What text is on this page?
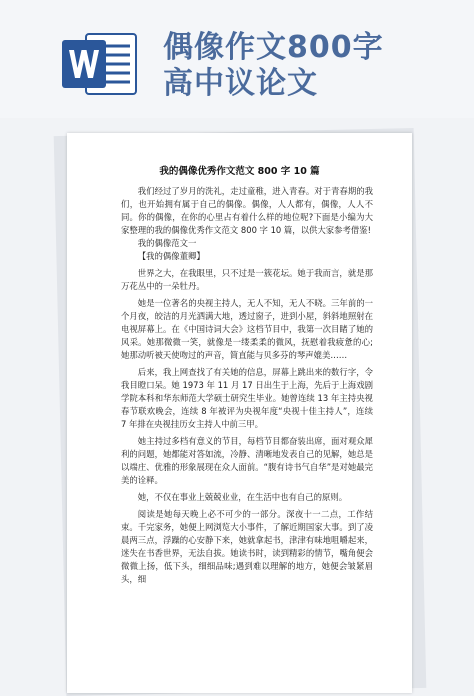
偶像作文800字
高中议论文
我的偶像优秀作文范文 800 字 10 篇

我们经过了岁月的洗礼，走过童稚，进入青春。对于青春期的我们，也开始拥有属于自己的偶像。偶像，人人都有，偶像，人人不同。你的偶像，在你的心里占有着什么样的地位呢?下面是小编为大家整理的我的偶像优秀作文范文 800 字 10 篇，以供大家参考借鉴!

我的偶像范文一
【我的偶像董卿】

世界之大，在我眼里，只不过是一簇花坛。她于我而言，就是那万花丛中的一朵牡丹。

她是一位著名的央视主持人，无人不知，无人不晓。三年前的一个月夜，皎洁的月光洒满大地，透过窗子，进到小屋，斜斜地照射在电视屏幕上。在《中国诗词大会》这档节目中，我第一次目睹了她的风采。她那微微一笑，就像是一缕柔柔的微风，抚慰着我疲惫的心;她那动听被天使吻过的声音，简直能与贝多芬的琴声媲美……

后来，我上网查找了有关她的信息，屏幕上跳出来的数行字，令我目瞪口呆。她 1973 年 11 月 17 日出生于上海，先后于上海戏剧学院本科和华东师范大学硕士研究生毕业。她曾连续 13 年主持央视春节联欢晚会，连续 8 年被评为央视年度“央视十佳主持人”，连续 7 年排在央视挂历女主持人中前三甲。

她主持过多档有意义的节目，每档节目都奋装出席，面对观众犀利的问题，她都能对答如流，冷静、清晰地发表自己的见解，她总是以端庄、优雅的形象展现在众人面前。“腹有诗书气自华”是对她最完美的诠释。

她，不仅在事业上兢兢业业，在生活中也有自己的原则。

阅读是她每天晚上必不可少的一部分。深夜十一二点，工作结束。千完家务，她便上网浏览大小事件，了解近期国家大事。到了凌晨两三点，浮躁的心安静下来，她就拿起书，津津有味地咀嚼起来，迷失在书香世界，无法自拔。她读书时，读到精彩的情节，嘴角便会微微上扬，低下头，细细品味;遇到难以理解的地方，她便会皱紧眉头，细
